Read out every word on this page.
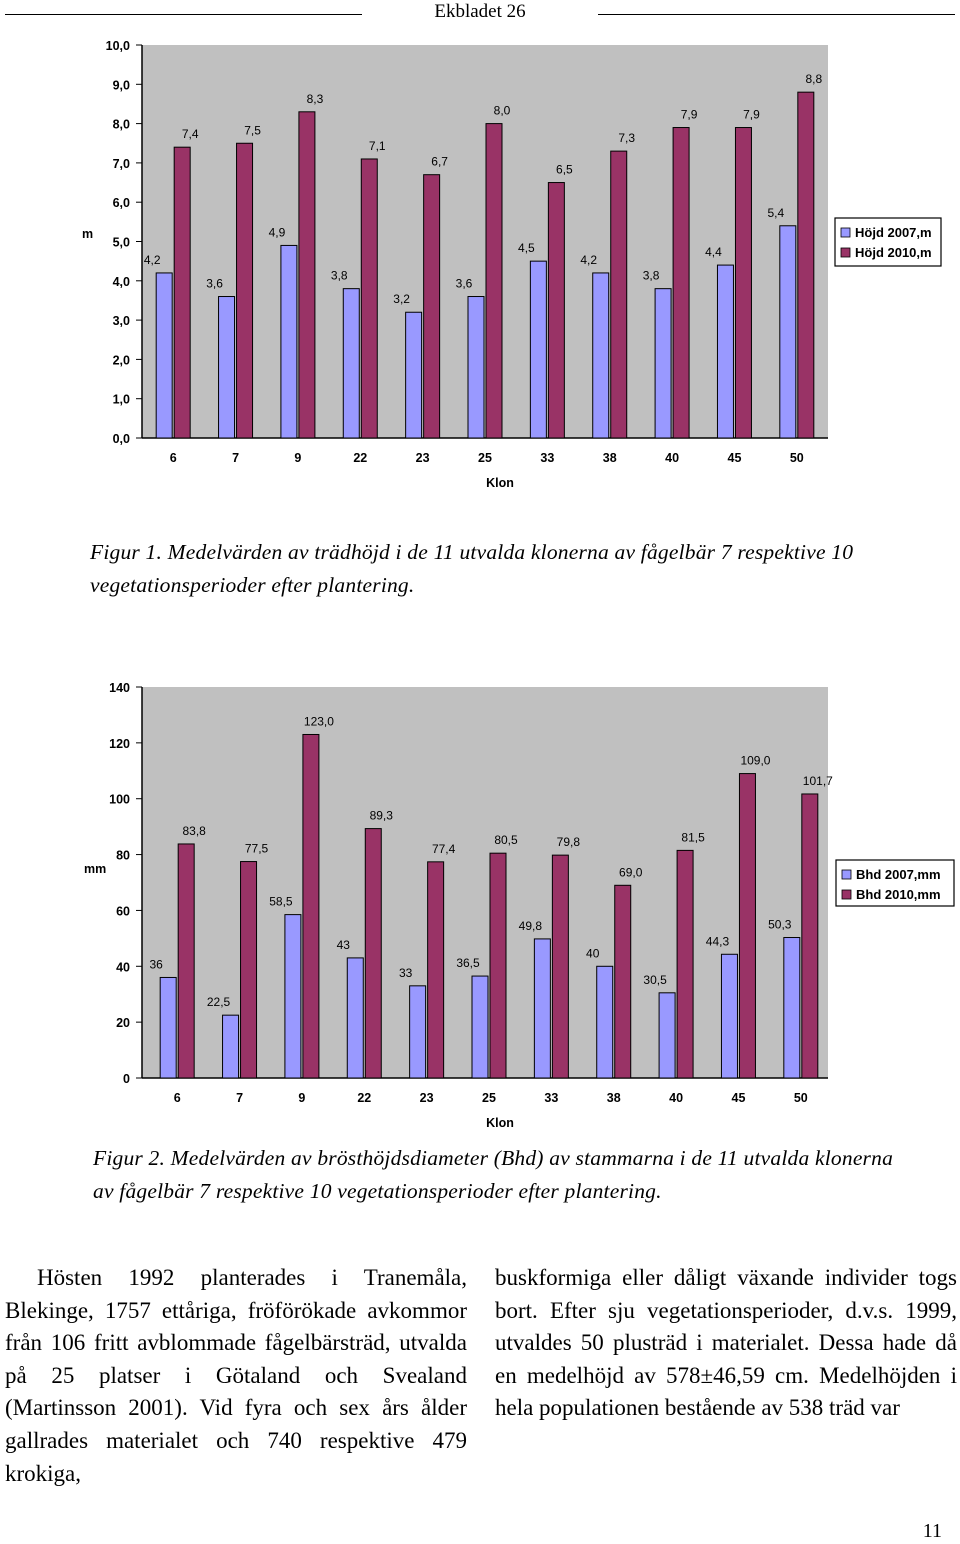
Ekbladet 26
0,0
1,0
2,0
3,0
4,0
5,0
6,0
7,0
8,0
9,0
10,0
m
4,2
7,4
6
3,6
7,5
7
4,9
8,3
9
3,8
7,1
22
3,2
6,7
23
3,6
8,0
25
4,5
6,5
33
4,2
7,3
38
3,8
7,9
40
4,4
7,9
45
5,4
8,8
50
Klon
Höjd 2007,m
Höjd 2010,m
Figur 1. Medelvärden av trädhöjd i de 11 utvalda klonerna av fågelbär 7 respektive 10 vegetationsperioder efter plantering.
0
20
40
60
80
100
120
140
mm
36
83,8
6
22,5
77,5
7
58,5
123,0
9
43
89,3
22
33
77,4
23
36,5
80,5
25
49,8
79,8
33
40
69,0
38
30,5
81,5
40
44,3
109,0
45
50,3
101,7
50
Klon
Bhd 2007,mm
Bhd 2010,mm
Figur 2. Medelvärden av brösthöjdsdiameter (Bhd) av stammarna i de 11 utvalda klonerna av fågelbär 7 respektive 10 vegetationsperioder efter plantering.

Hösten 1992 planterades i Tranemåla, Blekinge, 1757 ettåriga, fröförökade avkommor från 106 fritt avblommade fågelbärsträd, utvalda på 25 platser i Götaland och Svealand (Martinsson 2001). Vid fyra och sex års ålder gallrades materialet och 740 respektive 479 krokiga,

buskformiga eller dåligt växande individer togs bort. Efter sju vegetationsperioder, d.v.s. 1999, utvaldes 50 plusträd i materialet. Dessa hade då en medelhöjd av 578±46,59 cm. Medelhöjden i hela populationen bestående av 538 träd var

11
